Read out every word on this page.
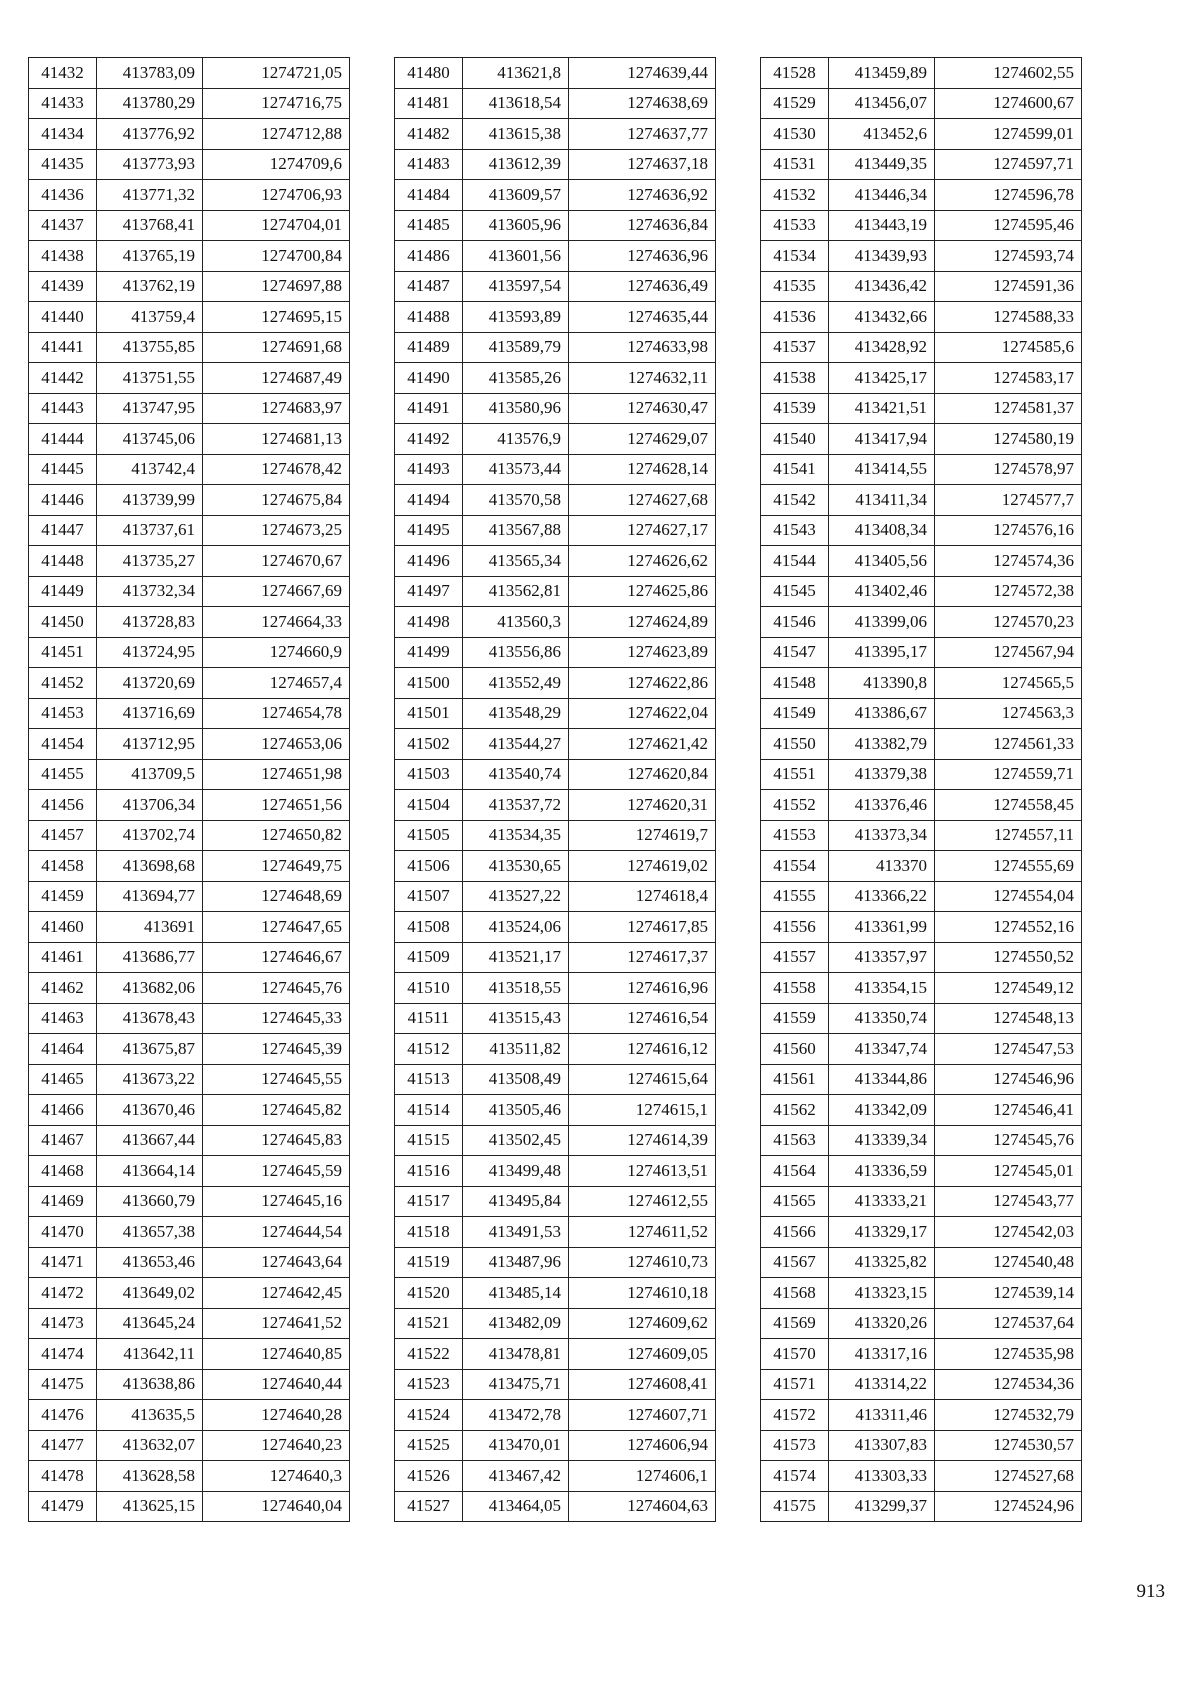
41432	413783,09	1274721,05
41433	413780,29	1274716,75
41434	413776,92	1274712,88
41435	413773,93	1274709,6
41436	413771,32	1274706,93
41437	413768,41	1274704,01
41438	413765,19	1274700,84
41439	413762,19	1274697,88
41440	413759,4	1274695,15
41441	413755,85	1274691,68
41442	413751,55	1274687,49
41443	413747,95	1274683,97
41444	413745,06	1274681,13
41445	413742,4	1274678,42
41446	413739,99	1274675,84
41447	413737,61	1274673,25
41448	413735,27	1274670,67
41449	413732,34	1274667,69
41450	413728,83	1274664,33
41451	413724,95	1274660,9
41452	413720,69	1274657,4
41453	413716,69	1274654,78
41454	413712,95	1274653,06
41455	413709,5	1274651,98
41456	413706,34	1274651,56
41457	413702,74	1274650,82
41458	413698,68	1274649,75
41459	413694,77	1274648,69
41460	413691	1274647,65
41461	413686,77	1274646,67
41462	413682,06	1274645,76
41463	413678,43	1274645,33
41464	413675,87	1274645,39
41465	413673,22	1274645,55
41466	413670,46	1274645,82
41467	413667,44	1274645,83
41468	413664,14	1274645,59
41469	413660,79	1274645,16
41470	413657,38	1274644,54
41471	413653,46	1274643,64
41472	413649,02	1274642,45
41473	413645,24	1274641,52
41474	413642,11	1274640,85
41475	413638,86	1274640,44
41476	413635,5	1274640,28
41477	413632,07	1274640,23
41478	413628,58	1274640,3
41479	413625,15	1274640,04
41480	413621,8	1274639,44
41481	413618,54	1274638,69
41482	413615,38	1274637,77
41483	413612,39	1274637,18
41484	413609,57	1274636,92
41485	413605,96	1274636,84
41486	413601,56	1274636,96
41487	413597,54	1274636,49
41488	413593,89	1274635,44
41489	413589,79	1274633,98
41490	413585,26	1274632,11
41491	413580,96	1274630,47
41492	413576,9	1274629,07
41493	413573,44	1274628,14
41494	413570,58	1274627,68
41495	413567,88	1274627,17
41496	413565,34	1274626,62
41497	413562,81	1274625,86
41498	413560,3	1274624,89
41499	413556,86	1274623,89
41500	413552,49	1274622,86
41501	413548,29	1274622,04
41502	413544,27	1274621,42
41503	413540,74	1274620,84
41504	413537,72	1274620,31
41505	413534,35	1274619,7
41506	413530,65	1274619,02
41507	413527,22	1274618,4
41508	413524,06	1274617,85
41509	413521,17	1274617,37
41510	413518,55	1274616,96
41511	413515,43	1274616,54
41512	413511,82	1274616,12
41513	413508,49	1274615,64
41514	413505,46	1274615,1
41515	413502,45	1274614,39
41516	413499,48	1274613,51
41517	413495,84	1274612,55
41518	413491,53	1274611,52
41519	413487,96	1274610,73
41520	413485,14	1274610,18
41521	413482,09	1274609,62
41522	413478,81	1274609,05
41523	413475,71	1274608,41
41524	413472,78	1274607,71
41525	413470,01	1274606,94
41526	413467,42	1274606,1
41527	413464,05	1274604,63
41528	413459,89	1274602,55
41529	413456,07	1274600,67
41530	413452,6	1274599,01
41531	413449,35	1274597,71
41532	413446,34	1274596,78
41533	413443,19	1274595,46
41534	413439,93	1274593,74
41535	413436,42	1274591,36
41536	413432,66	1274588,33
41537	413428,92	1274585,6
41538	413425,17	1274583,17
41539	413421,51	1274581,37
41540	413417,94	1274580,19
41541	413414,55	1274578,97
41542	413411,34	1274577,7
41543	413408,34	1274576,16
41544	413405,56	1274574,36
41545	413402,46	1274572,38
41546	413399,06	1274570,23
41547	413395,17	1274567,94
41548	413390,8	1274565,5
41549	413386,67	1274563,3
41550	413382,79	1274561,33
41551	413379,38	1274559,71
41552	413376,46	1274558,45
41553	413373,34	1274557,11
41554	413370	1274555,69
41555	413366,22	1274554,04
41556	413361,99	1274552,16
41557	413357,97	1274550,52
41558	413354,15	1274549,12
41559	413350,74	1274548,13
41560	413347,74	1274547,53
41561	413344,86	1274546,96
41562	413342,09	1274546,41
41563	413339,34	1274545,76
41564	413336,59	1274545,01
41565	413333,21	1274543,77
41566	413329,17	1274542,03
41567	413325,82	1274540,48
41568	413323,15	1274539,14
41569	413320,26	1274537,64
41570	413317,16	1274535,98
41571	413314,22	1274534,36
41572	413311,46	1274532,79
41573	413307,83	1274530,57
41574	413303,33	1274527,68
41575	413299,37	1274524,96
913
